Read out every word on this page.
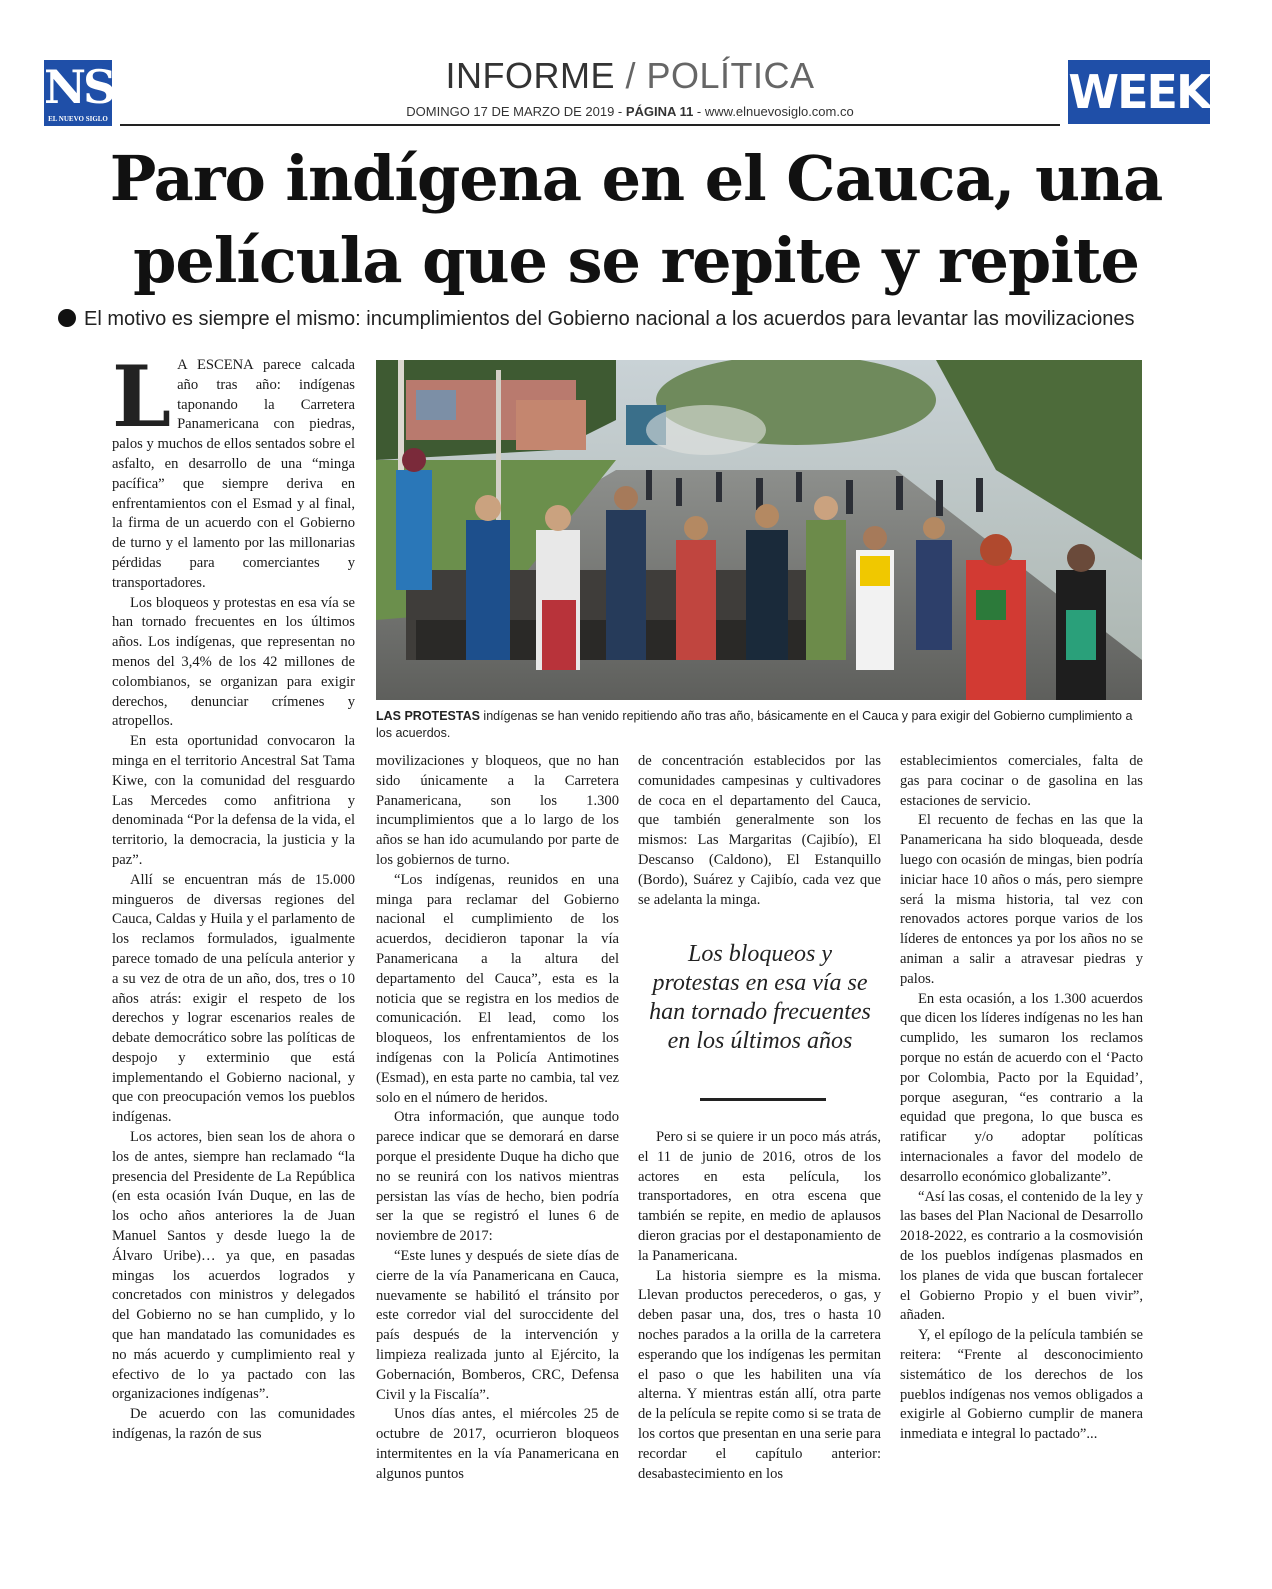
NS
EL NUEVO SIGLO
INFORME / POLÍTICA
DOMINGO 17 DE MARZO DE 2019 - PÁGINA 11 - www.elnuevosiglo.com.co	WEEK
Paro indígena en el Cauca, una
película que se repite y repite
El motivo es siempre el mismo: incumplimientos del Gobierno nacional a los acuerdos para levantar las movilizaciones
LAS PROTESTAS indígenas se han venido repitiendo año tras año, básicamente en el Cauca y para exigir del Gobierno cumplimiento a los acuerdos.
L A ESCENA parece calcada año tras año: indígenas taponando la Carretera Panamericana con piedras, palos y muchos de ellos sentados sobre el asfalto, en desarrollo de una “minga pacífica” que siempre deriva en enfrentamientos con el Esmad y al final, la firma de un acuerdo con el Gobierno de turno y el lamento por las millonarias pérdidas para comerciantes y transportadores.

Los bloqueos y protestas en esa vía se han tornado frecuentes en los últimos años. Los indígenas, que representan no menos del 3,4% de los 42 millones de colombianos, se organizan para exigir derechos, denunciar crímenes y atropellos.

En esta oportunidad convocaron la minga en el territorio Ancestral Sat Tama Kiwe, con la comunidad del resguardo Las Mercedes como anfitriona y denominada “Por la defensa de la vida, el territorio, la democracia, la justicia y la paz”.

Allí se encuentran más de 15.000 mingueros de diversas regiones del Cauca, Caldas y Huila y el parlamento de los reclamos formulados, igualmente parece tomado de una película anterior y a su vez de otra de un año, dos, tres o 10 años atrás: exigir el respeto de los derechos y lograr escenarios reales de debate democrático sobre las políticas de despojo y exterminio que está implementando el Gobierno nacional, y que con preocupación vemos los pueblos indígenas.

Los actores, bien sean los de ahora o los de antes, siempre han reclamado “la presencia del Presidente de La República (en esta ocasión Iván Duque, en las de los ocho años anteriores la de Juan Manuel Santos y desde luego la de Álvaro Uribe)… ya que, en pasadas mingas los acuerdos logrados y concretados con ministros y delegados del Gobierno no se han cumplido, y lo que han mandatado las comunidades es no más acuerdo y cumplimiento real y efectivo de lo ya pactado con las organizaciones indígenas”.

De acuerdo con las comunidades indígenas, la razón de sus

movilizaciones y bloqueos, que no han sido únicamente a la Carretera Panamericana, son los 1.300 incumplimientos que a lo largo de los años se han ido acumulando por parte de los gobiernos de turno.

“Los indígenas, reunidos en una minga para reclamar del Gobierno nacional el cumplimiento de los acuerdos, decidieron taponar la vía Panamericana a la altura del departamento del Cauca”, esta es la noticia que se registra en los medios de comunicación. El lead, como los bloqueos, los enfrentamientos de los indígenas con la Policía Antimotines (Esmad), en esta parte no cambia, tal vez solo en el número de heridos.

Otra información, que aunque todo parece indicar que se demorará en darse porque el presidente Duque ha dicho que no se reunirá con los nativos mientras persistan las vías de hecho, bien podría ser la que se registró el lunes 6 de noviembre de 2017:

“Este lunes y después de siete días de cierre de la vía Panamericana en Cauca, nuevamente se habilitó el tránsito por este corredor vial del suroccidente del país después de la intervención y limpieza realizada junto al Ejército, la Gobernación, Bomberos, CRC, Defensa Civil y la Fiscalía”.

Unos días antes, el miércoles 25 de octubre de 2017, ocurrieron bloqueos intermitentes en la vía Panamericana en algunos puntos

de concentración establecidos por las comunidades campesinas y cultivadores de coca en el departamento del Cauca, que también generalmente son los mismos: Las Margaritas (Cajibío), El Descanso (Caldono), El Estanquillo (Bordo), Suárez y Cajibío, cada vez que se adelanta la minga.

Los bloqueos y protestas en esa vía se han tornado frecuentes en los últimos años

Pero si se quiere ir un poco más atrás, el 11 de junio de 2016, otros de los actores en esta película, los transportadores, en otra escena que también se repite, en medio de aplausos dieron gracias por el destaponamiento de la Panamericana.

La historia siempre es la misma. Llevan productos perecederos, o gas, y deben pasar una, dos, tres o hasta 10 noches parados a la orilla de la carretera esperando que los indígenas les permitan el paso o que les habiliten una vía alterna. Y mientras están allí, otra parte de la película se repite como si se trata de los cortos que presentan en una serie para recordar el capítulo anterior: desabastecimiento en los

establecimientos comerciales, falta de gas para cocinar o de gasolina en las estaciones de servicio.

El recuento de fechas en las que la Panamericana ha sido bloqueada, desde luego con ocasión de mingas, bien podría iniciar hace 10 años o más, pero siempre será la misma historia, tal vez con renovados actores porque varios de los líderes de entonces ya por los años no se animan a salir a atravesar piedras y palos.

En esta ocasión, a los 1.300 acuerdos que dicen los líderes indígenas no les han cumplido, les sumaron los reclamos porque no están de acuerdo con el ‘Pacto por Colombia, Pacto por la Equidad’, porque aseguran, “es contrario a la equidad que pregona, lo que busca es ratificar y/o adoptar políticas internacionales a favor del modelo de desarrollo económico globalizante”.

“Así las cosas, el contenido de la ley y las bases del Plan Nacional de Desarrollo 2018-2022, es contrario a la cosmovisión de los pueblos indígenas plasmados en los planes de vida que buscan fortalecer el Gobierno Propio y el buen vivir”, añaden.

Y, el epílogo de la película también se reitera: “Frente al desconocimiento sistemático de los derechos de los pueblos indígenas nos vemos obligados a exigirle al Gobierno cumplir de manera inmediata e integral lo pactado”...
